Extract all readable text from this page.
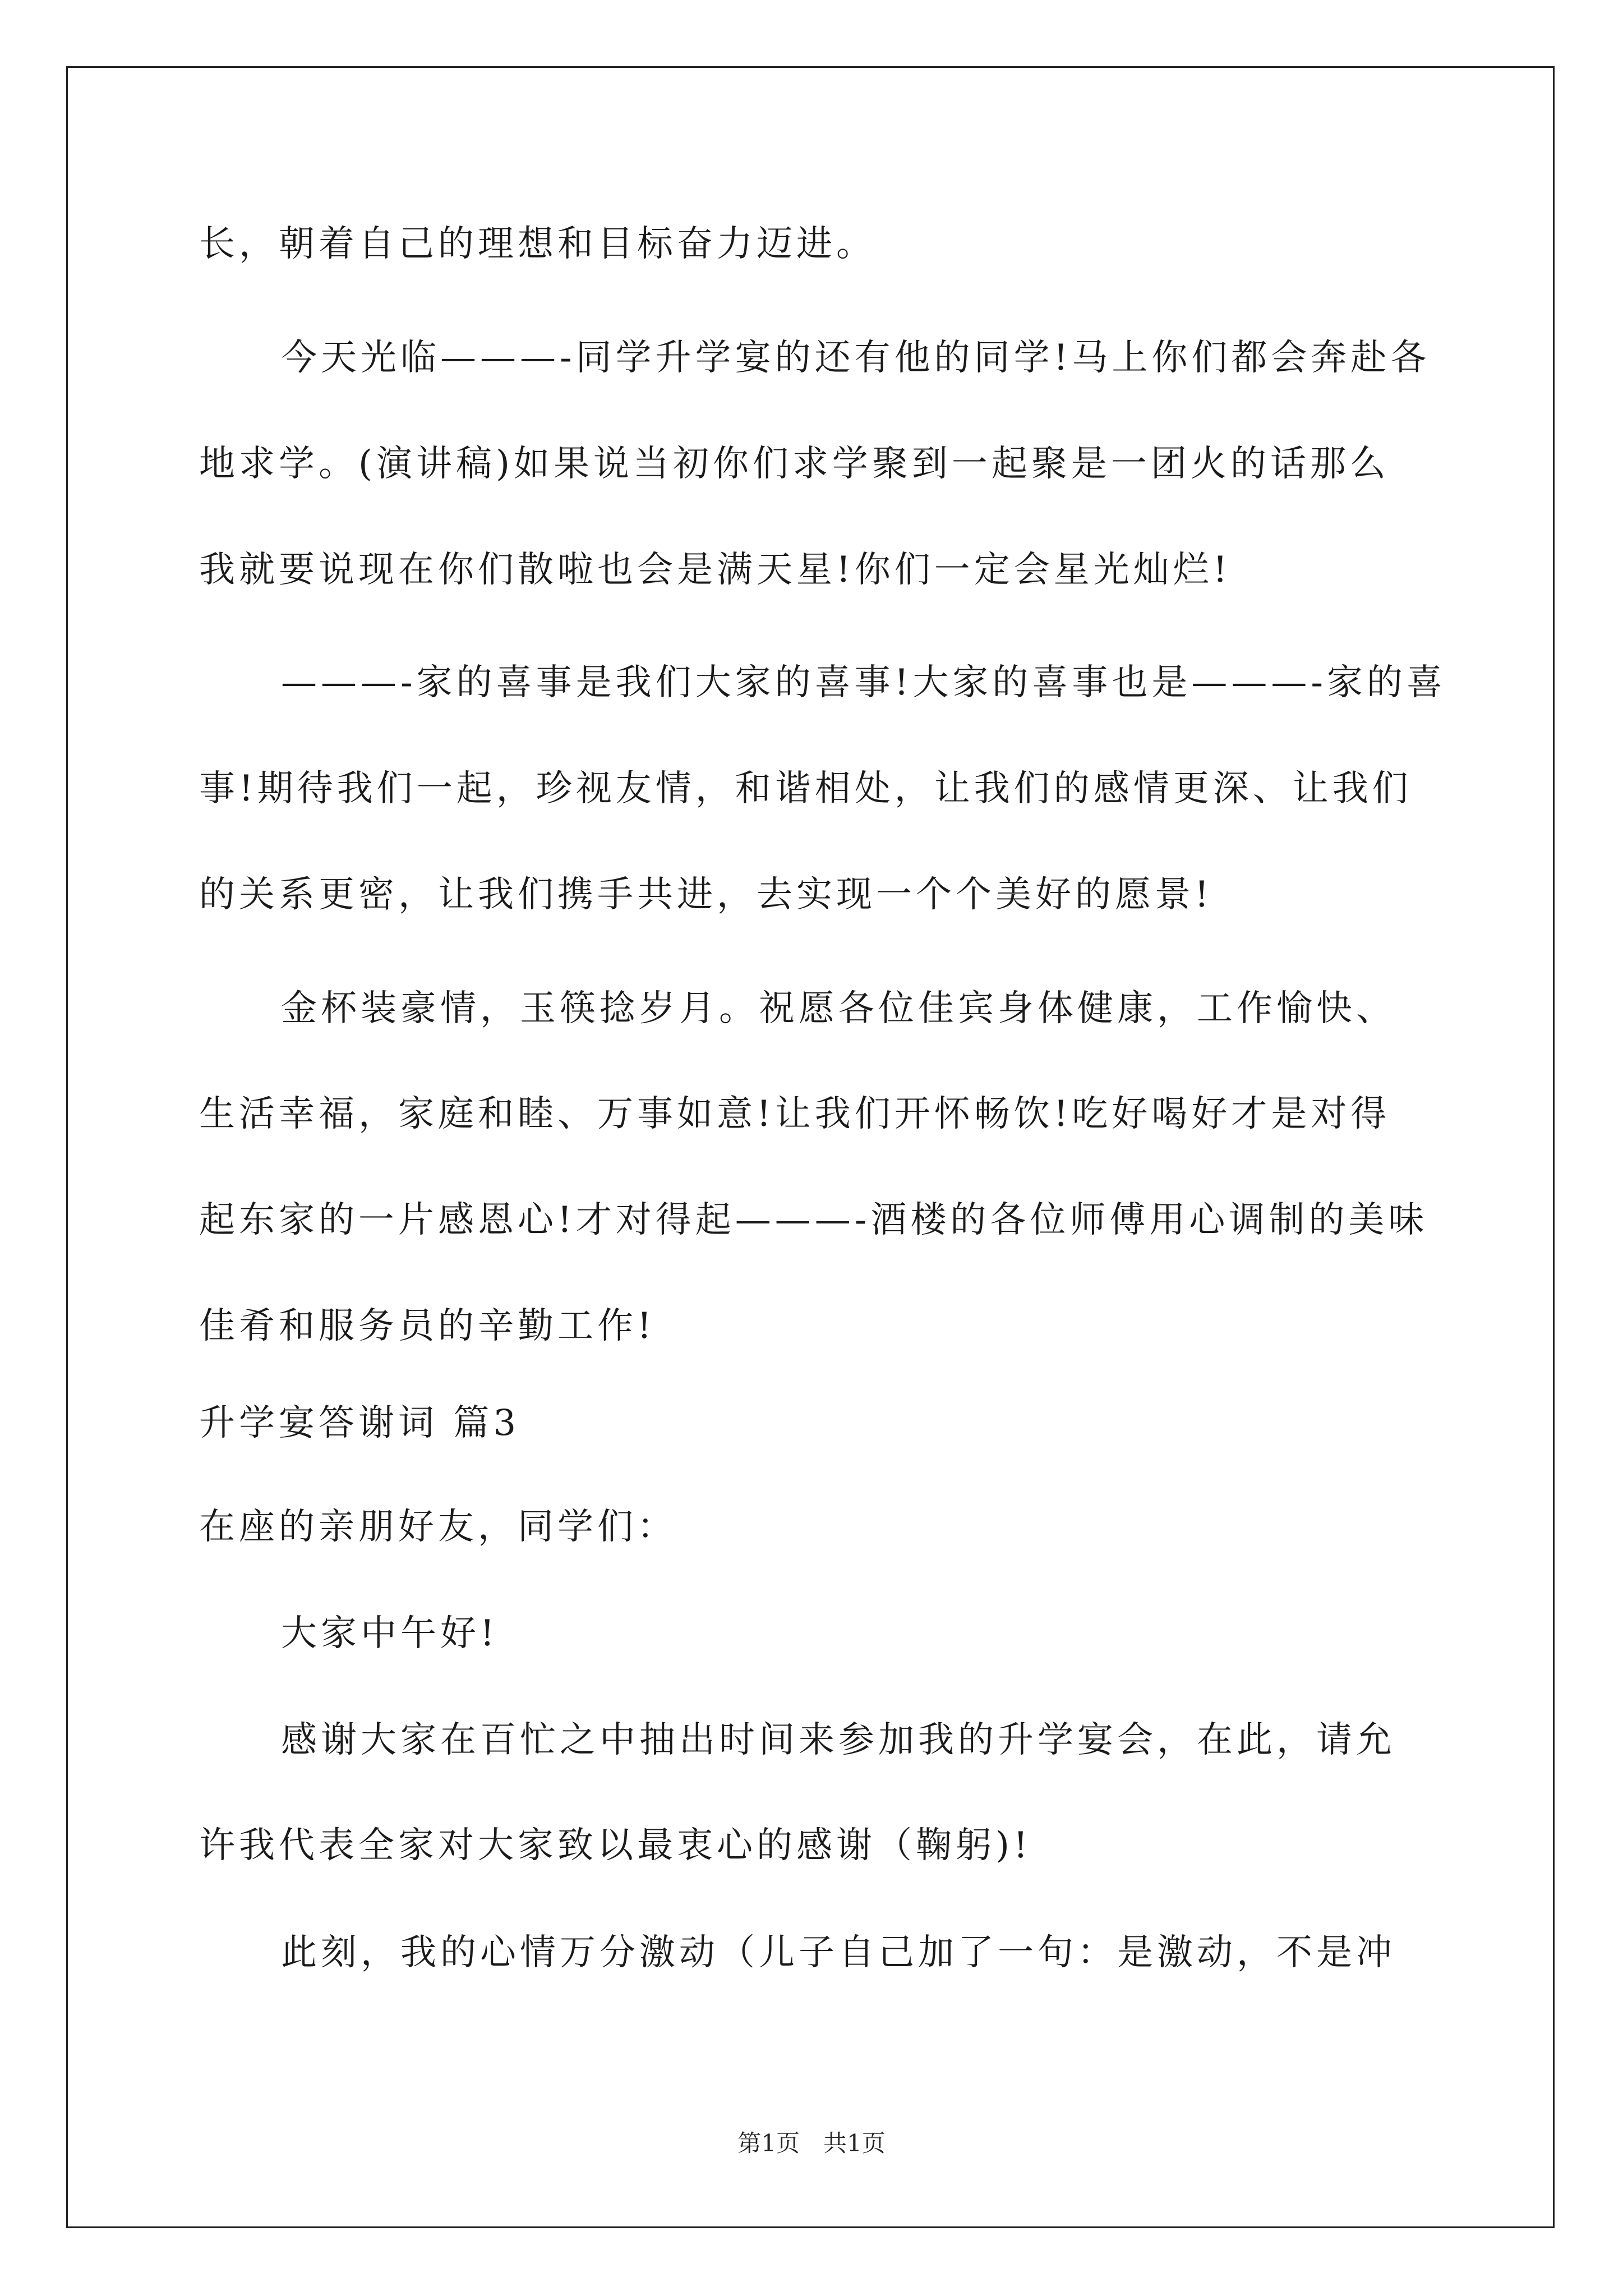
长，朝着自己的理想和目标奋力迈进。
今天光临———-同学升学宴的还有他的同学!马上你们都会奔赴各
地求学。(演讲稿)如果说当初你们求学聚到一起聚是一团火的话那么
我就要说现在你们散啦也会是满天星!你们一定会星光灿烂!
———-家的喜事是我们大家的喜事!大家的喜事也是———-家的喜
事!期待我们一起，珍视友情，和谐相处，让我们的感情更深、让我们
的关系更密，让我们携手共进，去实现一个个美好的愿景!
金杯装豪情，玉筷捻岁月。祝愿各位佳宾身体健康，工作愉快、
生活幸福，家庭和睦、万事如意!让我们开怀畅饮!吃好喝好才是对得
起东家的一片感恩心!才对得起———-酒楼的各位师傅用心调制的美味
佳肴和服务员的辛勤工作!
升学宴答谢词 篇3
在座的亲朋好友，同学们：
大家中午好!
感谢大家在百忙之中抽出时间来参加我的升学宴会，在此，请允
许我代表全家对大家致以最衷心的感谢（鞠躬)!
此刻，我的心情万分激动（儿子自己加了一句：是激动，不是冲
第1页　共1页
